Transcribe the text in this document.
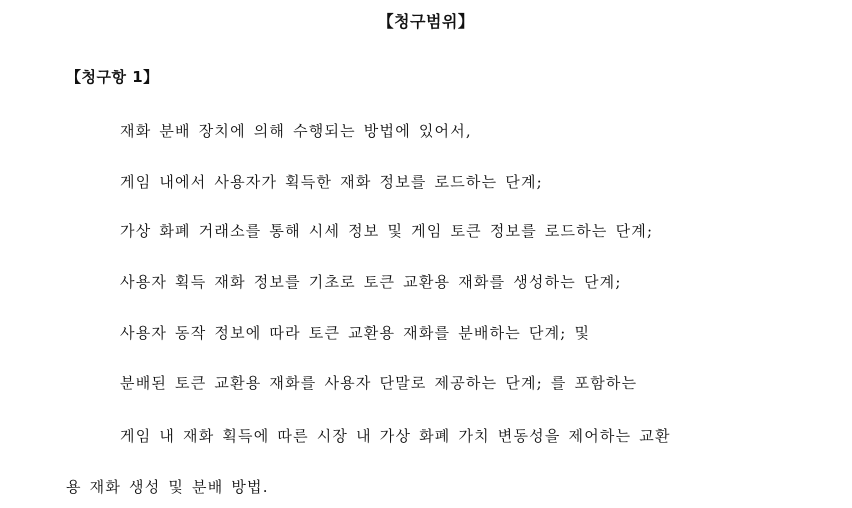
【청구범위】
【청구항 1】
재화 분배 장치에 의해 수행되는 방법에 있어서,
게임 내에서 사용자가 획득한 재화 정보를 로드하는 단계;
가상 화폐 거래소를 통해 시세 정보 및 게임 토큰 정보를 로드하는 단계;
사용자 획득 재화 정보를 기초로 토큰 교환용 재화를 생성하는 단계;
사용자 동작 정보에 따라 토큰 교환용 재화를 분배하는 단계; 및
분배된 토큰 교환용 재화를 사용자 단말로 제공하는 단계; 를 포함하는
게임 내 재화 획득에 따른 시장 내 가상 화폐 가치 변동성을 제어하는 교환
용 재화 생성 및 분배 방법.
